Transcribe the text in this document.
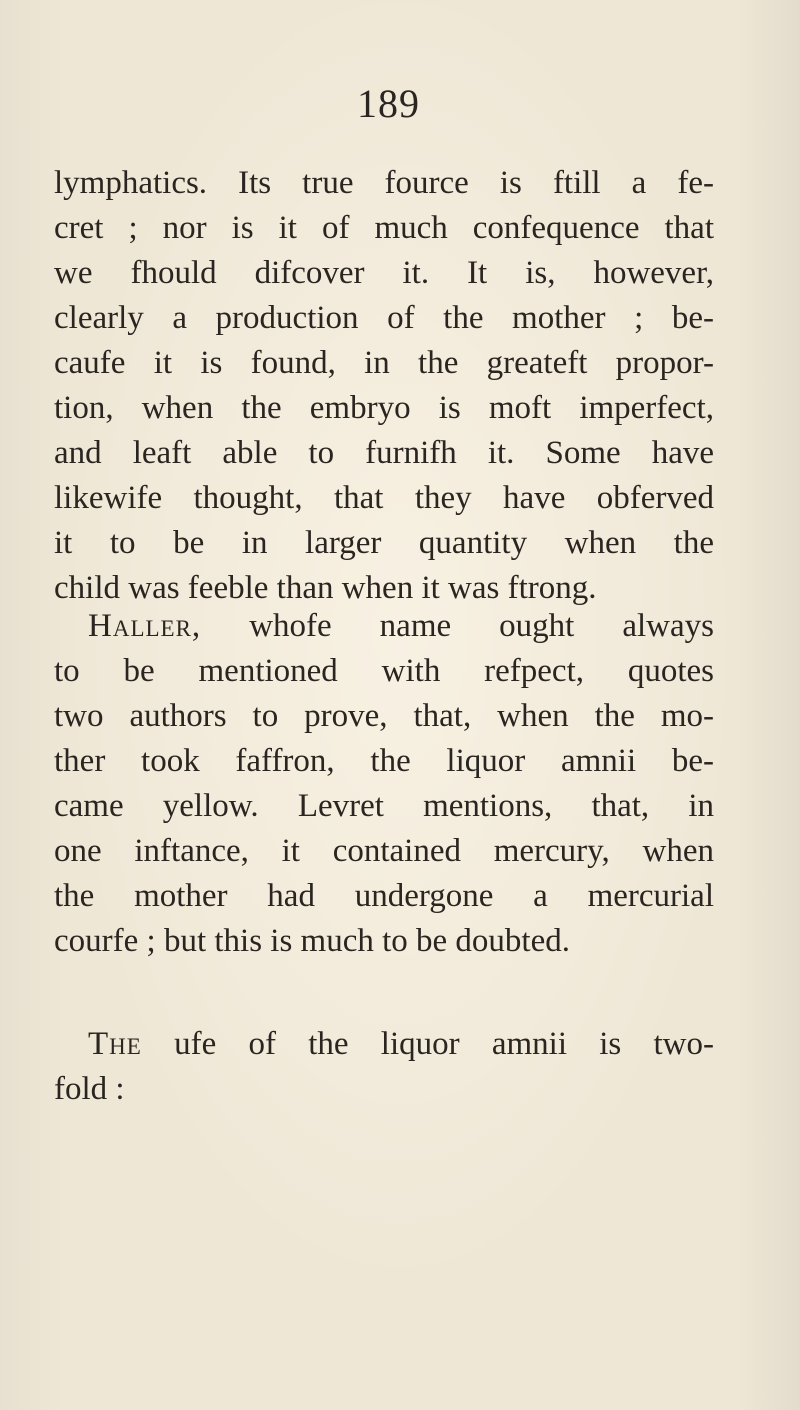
189
lymphatics. Its true fource is ftill a fe-
cret ; nor is it of much confequence that
we fhould difcover it. It is, however,
clearly a production of the mother ; be-
caufe it is found, in the greateft propor-
tion, when the embryo is moft imperfect,
and leaft able to furnifh it. Some have
likewife thought, that they have obferved
it to be in larger quantity when the
child was feeble than when it was ftrong.
Haller, whofe name ought always
to be mentioned with refpect, quotes
two authors to prove, that, when the mo-
ther took faffron, the liquor amnii be-
came yellow. Levret mentions, that, in
one inftance, it contained mercury, when
the mother had undergone a mercurial
courfe ; but this is much to be doubted.
The ufe of the liquor amnii is two-
fold :
